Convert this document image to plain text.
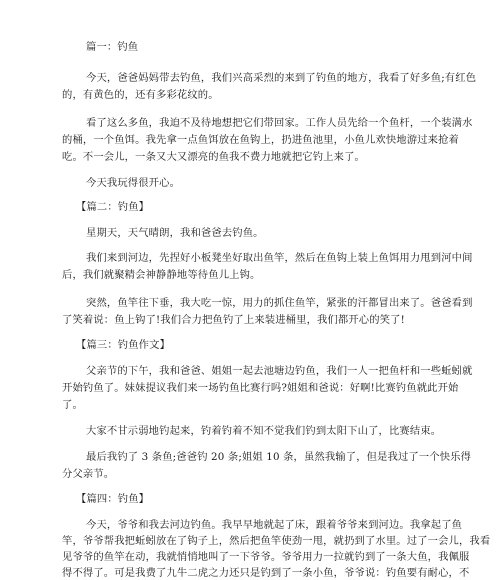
篇一：钓鱼
今天，爸爸妈妈带去钓鱼，我们兴高采烈的来到了钓鱼的地方，我看了好多鱼;有红色
的，有黄色的，还有多彩花纹的。
看了这么多鱼，我迫不及待地想把它们带回家。工作人员先给一个鱼杆，一个装满水
的桶，一个鱼饵。我先拿一点鱼饵放在鱼钩上，扔进鱼池里，小鱼儿欢快地游过来抢着
吃。不一会儿，一条又大又漂亮的鱼我不费力地就把它钓上来了。
今天我玩得很开心。
【篇二：钓鱼】
星期天，天气晴朗，我和爸爸去钓鱼。
我们来到河边，先捏好小板凳坐好取出鱼竿，然后在鱼钩上装上鱼饵用力甩到河中间
后，我们就聚精会神静静地等待鱼儿上钩。
突然，鱼竿往下垂，我大吃一惊，用力的抓住鱼竿，紧张的汗都冒出来了。爸爸看到
了笑着说：鱼上钩了!我们合力把鱼钓了上来装进桶里，我们都开心的笑了!
【篇三：钓鱼作文】
父亲节的下午，我和爸爸、姐姐一起去池塘边钓鱼，我们一人一把鱼杆和一些蚯蚓就
开始钓鱼了。妹妹提议我们来一场钓鱼比赛行吗?姐姐和爸说：好啊!比赛钓鱼就此开始
了。
大家不甘示弱地钓起来，钓着钓着不知不觉我们钓到太阳下山了，比赛结束。
最后我钓了 3 条鱼;爸爸钓 20 条;姐姐 10 条，虽然我输了，但是我过了一个快乐得
分父亲节。
【篇四：钓鱼】
今天，爷爷和我去河边钓鱼。我早早地就起了床，跟着爷爷来到河边。我拿起了鱼
竿，爷爷帮我把蚯蚓放在了钩子上，然后把鱼竿使劲一甩，就扔到了水里。过了一会儿，我看
见爷爷的鱼竿在动，我就悄悄地叫了一下爷爷。爷爷用力一拉就钓到了一条大鱼，我佩服
得不得了。可是我费了九牛二虎之力还只是钓到了一条小鱼，爷爷说：钓鱼要有耐心，不
